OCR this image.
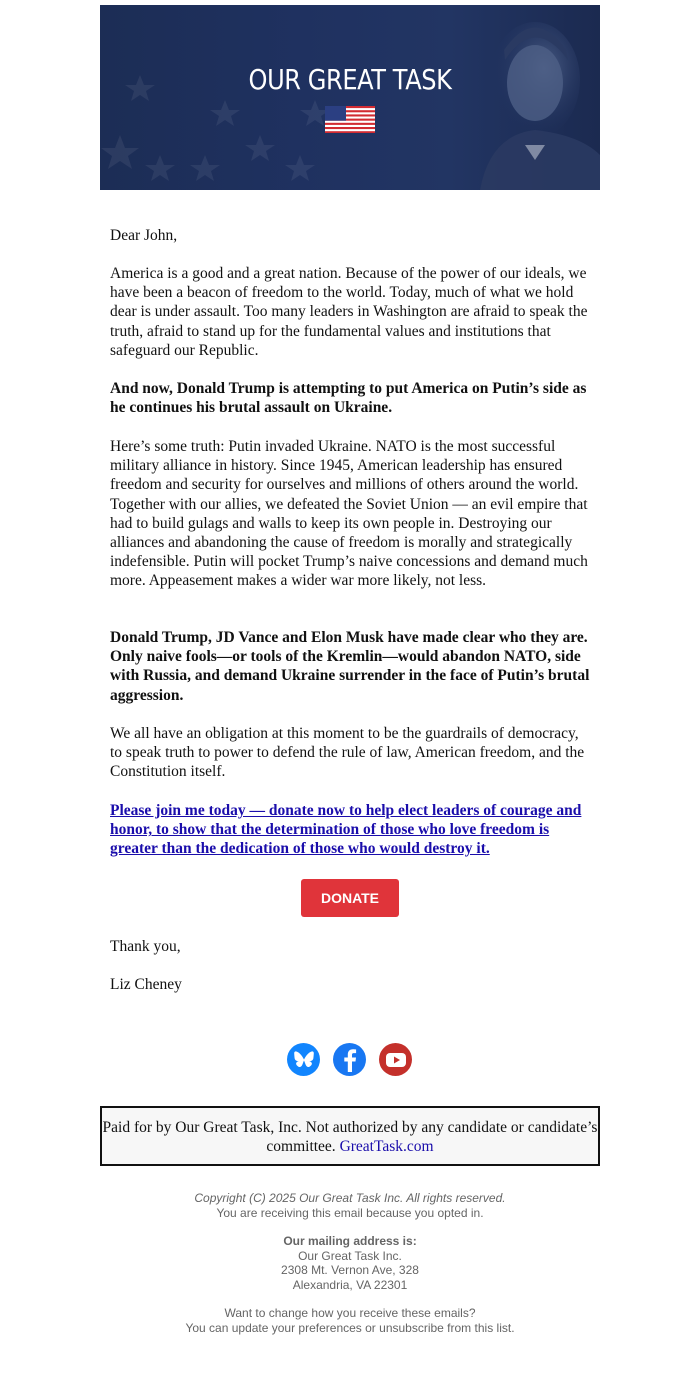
OUR GREAT TASK

Dear John,

America is a good and a great nation. Because of the power of our ideals, we have been a beacon of freedom to the world. Today, much of what we hold dear is under assault. Too many leaders in Washington are afraid to speak the truth, afraid to stand up for the fundamental values and institutions that safeguard our Republic.

And now, Donald Trump is attempting to put America on Putin’s side as he continues his brutal assault on Ukraine.

Here’s some truth: Putin invaded Ukraine. NATO is the most successful military alliance in history. Since 1945, American leadership has ensured freedom and security for ourselves and millions of others around the world. Together with our allies, we defeated the Soviet Union — an evil empire that had to build gulags and walls to keep its own people in. Destroying our alliances and abandoning the cause of freedom is morally and strategically indefensible. Putin will pocket Trump’s naive concessions and demand much more. Appeasement makes a wider war more likely, not less.

Donald Trump, JD Vance and Elon Musk have made clear who they are. Only naive fools—or tools of the Kremlin—would abandon NATO, side with Russia, and demand Ukraine surrender in the face of Putin’s brutal aggression.

We all have an obligation at this moment to be the guardrails of democracy, to speak truth to power to defend the rule of law, American freedom, and the Constitution itself.

Please join me today — donate now to help elect leaders of courage and honor, to show that the determination of those who love freedom is greater than the dedication of those who would destroy it.

DONATE

Thank you,

Liz Cheney

Paid for by Our Great Task, Inc. Not authorized by any candidate or candidate’s committee. GreatTask.com
Copyright (C) 2025 Our Great Task Inc. All rights reserved.
You are receiving this email because you opted in.
Our mailing address is:
Our Great Task Inc.
2308 Mt. Vernon Ave, 328
Alexandria, VA 22301
Want to change how you receive these emails?
You can update your preferences or unsubscribe from this list.
